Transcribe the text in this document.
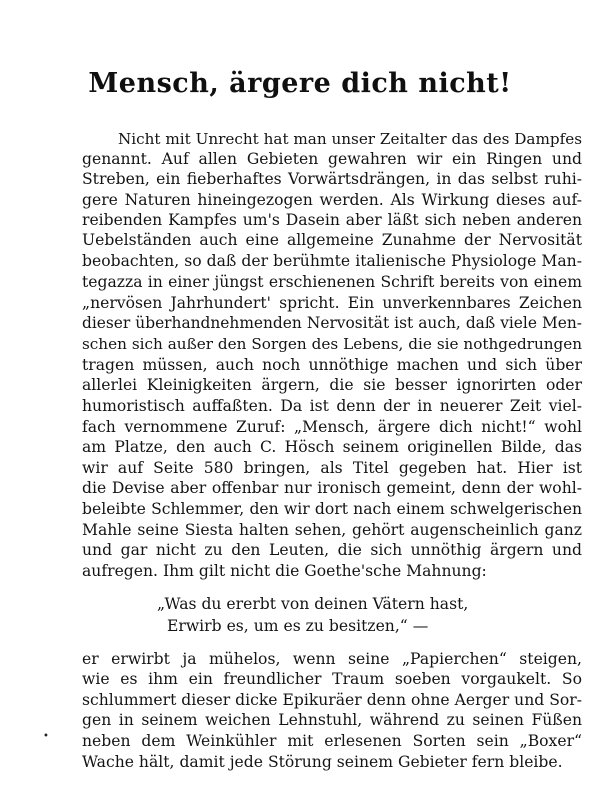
Mensch, ärgere dich nicht!
Nicht mit Unrecht hat man unser Zeitalter das des Dampfes
genannt. Auf allen Gebieten gewahren wir ein Ringen und
Streben, ein fieberhaftes Vorwärtsdrängen, in das selbst ruhi-
gere Naturen hineingezogen werden. Als Wirkung dieses auf-
reibenden Kampfes um's Dasein aber läßt sich neben anderen
Uebelständen auch eine allgemeine Zunahme der Nervosität
beobachten, so daß der berühmte italienische Physiologe Man-
tegazza in einer jüngst erschienenen Schrift bereits von einem
„nervösen Jahrhundert' spricht. Ein unverkennbares Zeichen
dieser überhandnehmenden Nervosität ist auch, daß viele Men-
schen sich außer den Sorgen des Lebens, die sie nothgedrungen
tragen müssen, auch noch unnöthige machen und sich über
allerlei Kleinigkeiten ärgern, die sie besser ignorirten oder
humoristisch auffaßten. Da ist denn der in neuerer Zeit viel-
fach vernommene Zuruf: „Mensch, ärgere dich nicht!“ wohl
am Platze, den auch C. Hösch seinem originellen Bilde, das
wir auf Seite 580 bringen, als Titel gegeben hat. Hier ist
die Devise aber offenbar nur ironisch gemeint, denn der wohl-
beleibte Schlemmer, den wir dort nach einem schwelgerischen
Mahle seine Siesta halten sehen, gehört augenscheinlich ganz
und gar nicht zu den Leuten, die sich unnöthig ärgern und
aufregen. Ihm gilt nicht die Goethe'sche Mahnung:
„Was du ererbt von deinen Vätern hast,
Erwirb es, um es zu besitzen,“ —
er erwirbt ja mühelos, wenn seine „Papierchen“ steigen,
wie es ihm ein freundlicher Traum soeben vorgaukelt. So
schlummert dieser dicke Epikuräer denn ohne Aerger und Sor-
gen in seinem weichen Lehnstuhl, während zu seinen Füßen
neben dem Weinkühler mit erlesenen Sorten sein „Boxer“
Wache hält, damit jede Störung seinem Gebieter fern bleibe.
•
